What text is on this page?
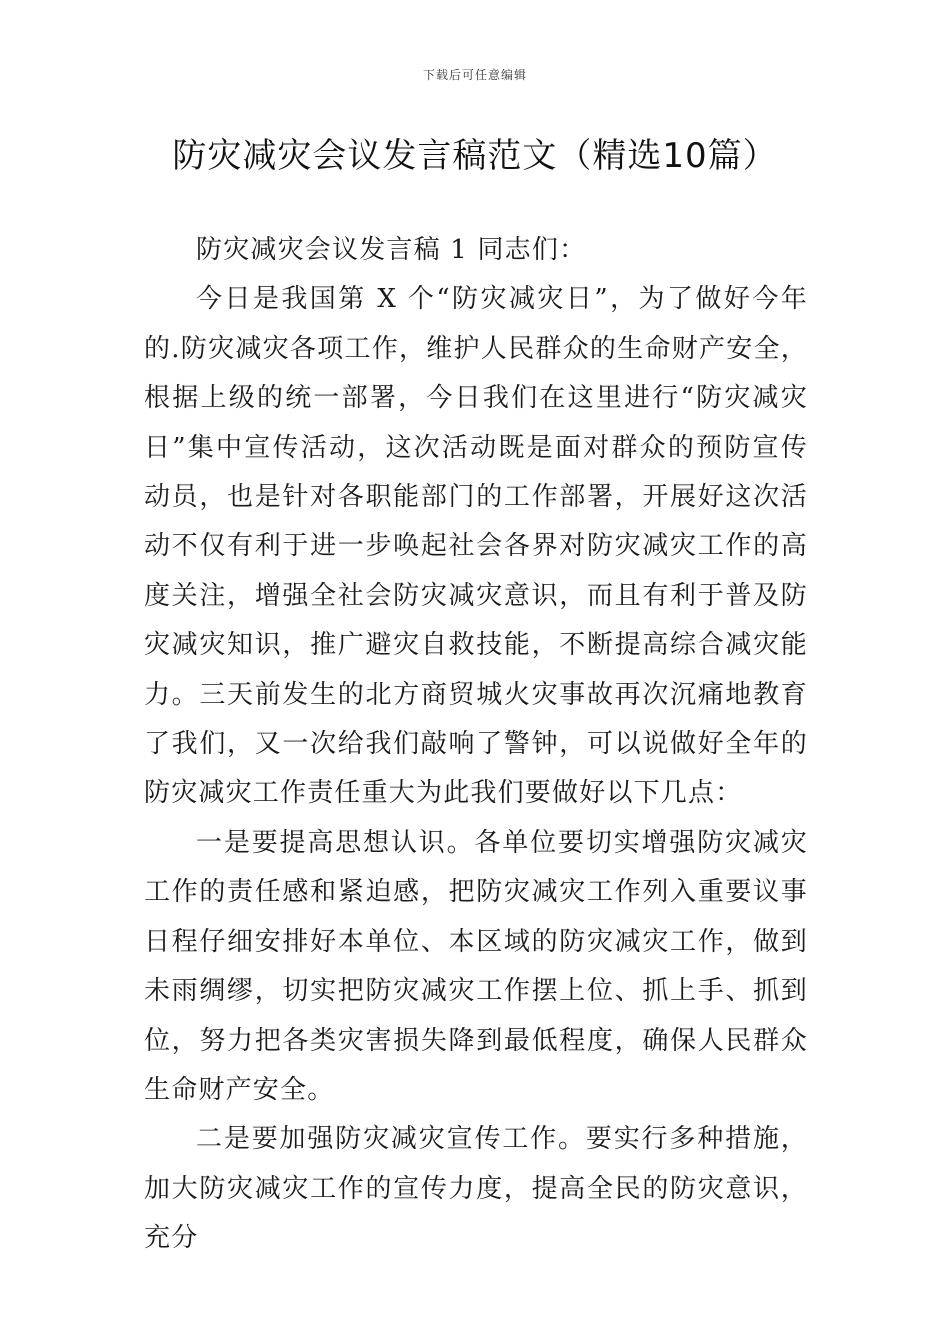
下载后可任意编辑
防灾减灾会议发言稿范文（精选10篇）

防灾减灾会议发言稿 1 同志们：

今日是我国第 X 个“防灾减灾日”，为了做好今年的.防灾减灾各项工作，维护人民群众的生命财产安全，根据上级的统一部署，今日我们在这里进行“防灾减灾日”集中宣传活动，这次活动既是面对群众的预防宣传动员，也是针对各职能部门的工作部署，开展好这次活动不仅有利于进一步唤起社会各界对防灾减灾工作的高度关注，增强全社会防灾减灾意识，而且有利于普及防灾减灾知识，推广避灾自救技能，不断提高综合减灾能力。三天前发生的北方商贸城火灾事故再次沉痛地教育了我们，又一次给我们敲响了警钟，可以说做好全年的防灾减灾工作责任重大为此我们要做好以下几点：

一是要提高思想认识。各单位要切实增强防灾减灾工作的责任感和紧迫感，把防灾减灾工作列入重要议事日程仔细安排好本单位、本区域的防灾减灾工作，做到未雨绸缪，切实把防灾减灾工作摆上位、抓上手、抓到位，努力把各类灾害损失降到最低程度，确保人民群众生命财产安全。

二是要加强防灾减灾宣传工作。要实行多种措施，加大防灾减灾工作的宣传力度，提高全民的防灾意识，充分
